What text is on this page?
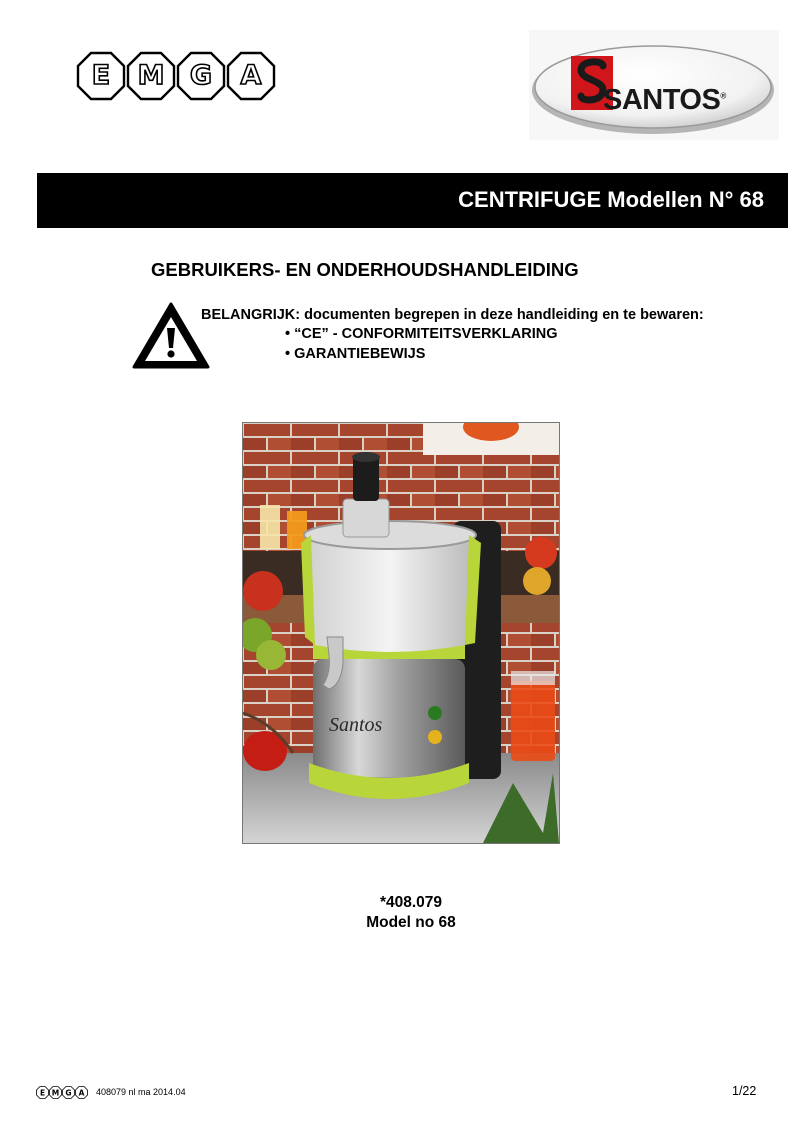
E	M G	A
SANTOS®
CENTRIFUGE Modellen N° 68
GEBRUIKERS- EN ONDERHOUDSHANDLEIDING
BELANGRIJK: documenten begrepen in deze handleiding en te bewaren:
• “CE” - CONFORMITEITSVERKLARING
• GARANTIEBEWIJS
Santos
*408.079
Model no 68
E M G A 408079 nl ma 2014.04	1/22
